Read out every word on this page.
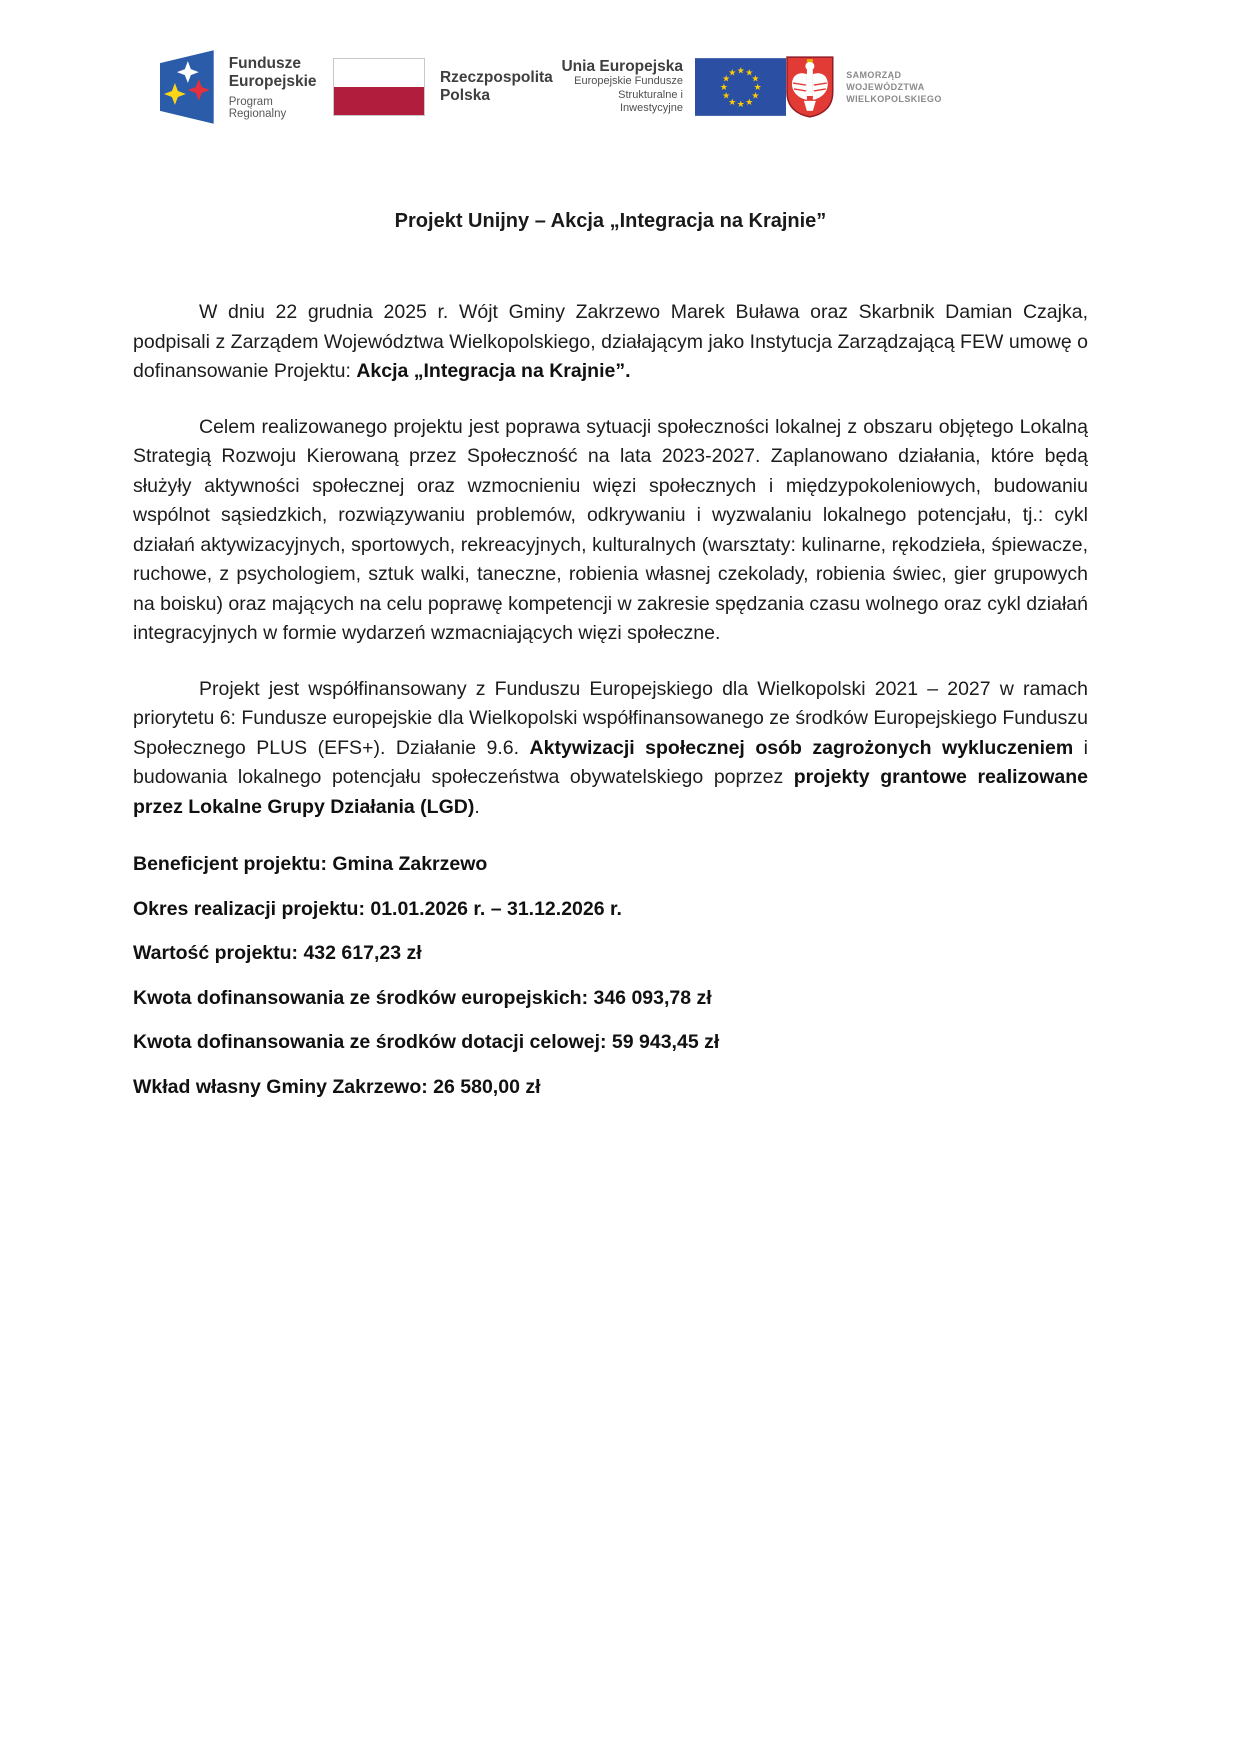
Fundusze
Europejskie
Program Regionalny
Rzeczpospolita
Polska
Unia Europejska
Europejskie Fundusze
Strukturalne i Inwestycyjne
★ ★
★
★
★
★
★
★
★
★
★
★	SAMORZĄD WOJEWÓDZTWA
WIELKOPOLSKIEGO
Projekt Unijny – Akcja „Integracja na Krajnie”

W dniu 22 grudnia 2025 r. Wójt Gminy Zakrzewo Marek Buława oraz Skarbnik Damian Czajka, podpisali z Zarządem Województwa Wielkopolskiego, działającym jako Instytucja Zarządzającą FEW umowę o dofinansowanie Projektu: Akcja „Integracja na Krajnie”.

Celem realizowanego projektu jest poprawa sytuacji społeczności lokalnej z obszaru objętego Lokalną Strategią Rozwoju Kierowaną przez Społeczność na lata 2023-2027. Zaplanowano działania, które będą służyły aktywności społecznej oraz wzmocnieniu więzi społecznych i międzypokoleniowych, budowaniu wspólnot sąsiedzkich, rozwiązywaniu problemów, odkrywaniu i wyzwalaniu lokalnego potencjału, tj.: cykl działań aktywizacyjnych, sportowych, rekreacyjnych, kulturalnych (warsztaty: kulinarne, rękodzieła, śpiewacze, ruchowe, z psychologiem, sztuk walki, taneczne, robienia własnej czekolady, robienia świec, gier grupowych na boisku) oraz mających na celu poprawę kompetencji w zakresie spędzania czasu wolnego oraz cykl działań integracyjnych w formie wydarzeń wzmacniających więzi społeczne.

Projekt jest współfinansowany z Funduszu Europejskiego dla Wielkopolski 2021 – 2027 w ramach priorytetu 6: Fundusze europejskie dla Wielkopolski współfinansowanego ze środków Europejskiego Funduszu Społecznego PLUS (EFS+). Działanie 9.6. Aktywizacji społecznej osób zagrożonych wykluczeniem i budowania lokalnego potencjału społeczeństwa obywatelskiego poprzez projekty grantowe realizowane przez Lokalne Grupy Działania (LGD).

Beneficjent projektu: Gmina Zakrzewo

Okres realizacji projektu: 01.01.2026 r. – 31.12.2026 r.

Wartość projektu: 432 617,23 zł

Kwota dofinansowania ze środków europejskich: 346 093,78 zł

Kwota dofinansowania ze środków dotacji celowej: 59 943,45 zł

Wkład własny Gminy Zakrzewo: 26 580,00 zł
